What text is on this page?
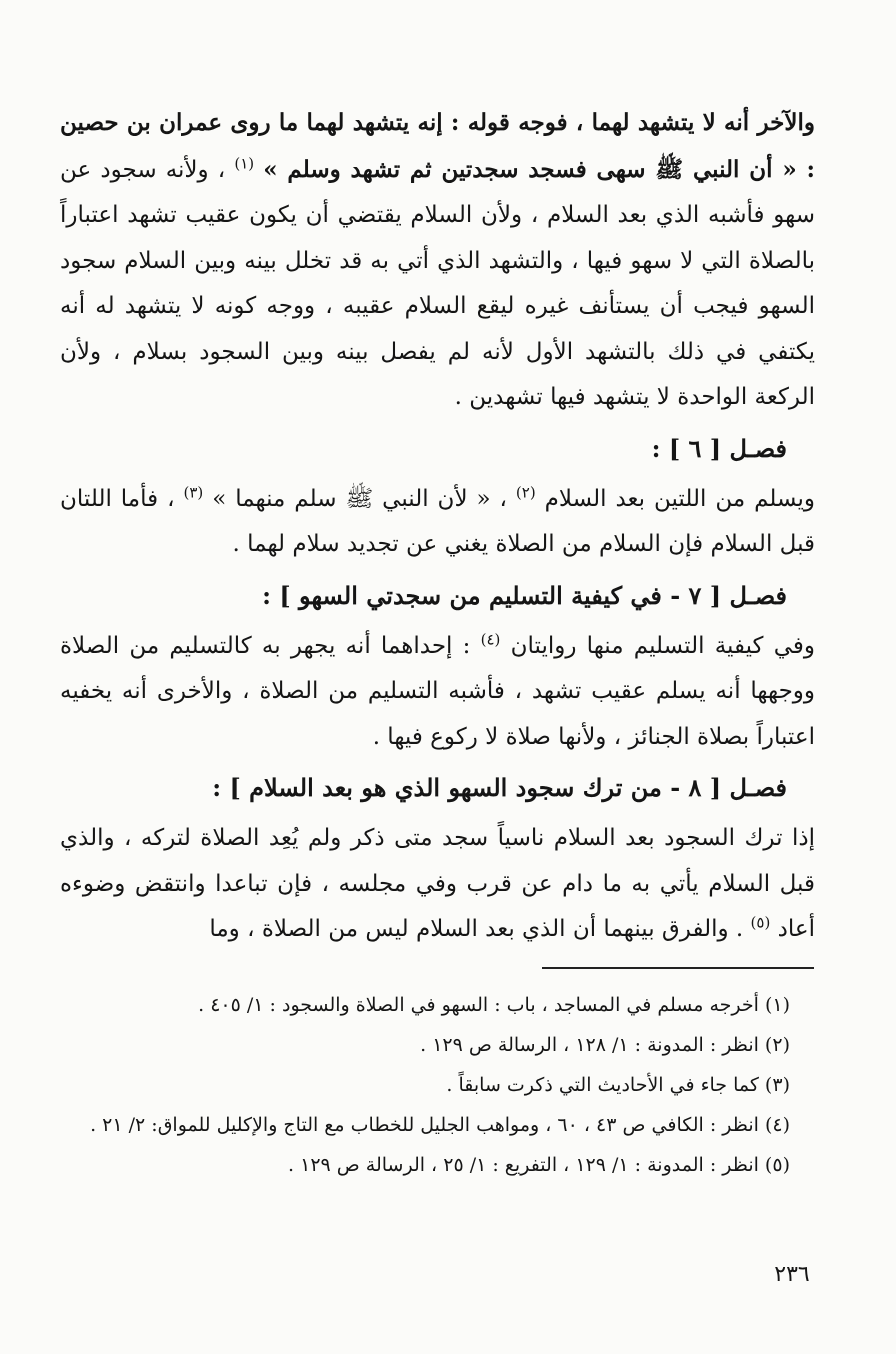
والآخر أنه لا يتشهد لهما ، فوجه قوله : إنه يتشهد لهما ما روى عمران بن حصين : « أن النبي ﷺ سهى فسجد سجدتين ثم تشهد وسلم » $^{(١)}$ ، ولأنه سجود عن سهو فأشبه الذي بعد السلام ، ولأن السلام يقتضي أن يكون عقيب تشهد اعتباراً بالصلاة التي لا سهو فيها ، والتشهد الذي أتي به قد تخلل بينه وبين السلام سجود السهو فيجب أن يستأنف غيره ليقع السلام عقيبه ، ووجه كونه لا يتشهد له أنه يكتفي في ذلك بالتشهد الأول لأنه لم يفصل بينه وبين السجود بسلام ، ولأن الركعة الواحدة لا يتشهد فيها تشهدين .

فصـل [ ٦ ] :

ويسلم من اللتين بعد السلام $^{(٢)}$ ، « لأن النبي ﷺ سلم منهما » $^{(٣)}$ ، فأما اللتان قبل السلام فإن السلام من الصلاة يغني عن تجديد سلام لهما .

فصـل [ ٧ - في كيفية التسليم من سجدتي السهو ] :

وفي كيفية التسليم منها روايتان $^{(٤)}$ : إحداهما أنه يجهر به كالتسليم من الصلاة ووجهها أنه يسلم عقيب تشهد ، فأشبه التسليم من الصلاة ، والأخرى أنه يخفيه اعتباراً بصلاة الجنائز ، ولأنها صلاة لا ركوع فيها .

فصـل [ ٨ - من ترك سجود السهو الذي هو بعد السلام ] :

إذا ترك السجود بعد السلام ناسياً سجد متى ذكر ولم يُعِد الصلاة لتركه ، والذي قبل السلام يأتي به ما دام عن قرب وفي مجلسه ، فإن تباعدا وانتقض وضوءه أعاد $^{(٥)}$ . والفرق بينهما أن الذي بعد السلام ليس من الصلاة ، وما

(١) أخرجه مسلم في المساجد ، باب : السهو في الصلاة والسجود : ١/ ٤٠٥ .

(٢) انظر : المدونة : ١/ ١٢٨ ، الرسالة ص ١٢٩ .

(٣) كما جاء في الأحاديث التي ذكرت سابقاً .

(٤) انظر : الكافي ص ٤٣ ، ٦٠ ، ومواهب الجليل للخطاب مع التاج والإكليل للمواق: ٢/ ٢١ .

(٥) انظر : المدونة : ١/ ١٢٩ ، التفريع : ١/ ٢٥ ، الرسالة ص ١٢٩ .

٢٣٦
